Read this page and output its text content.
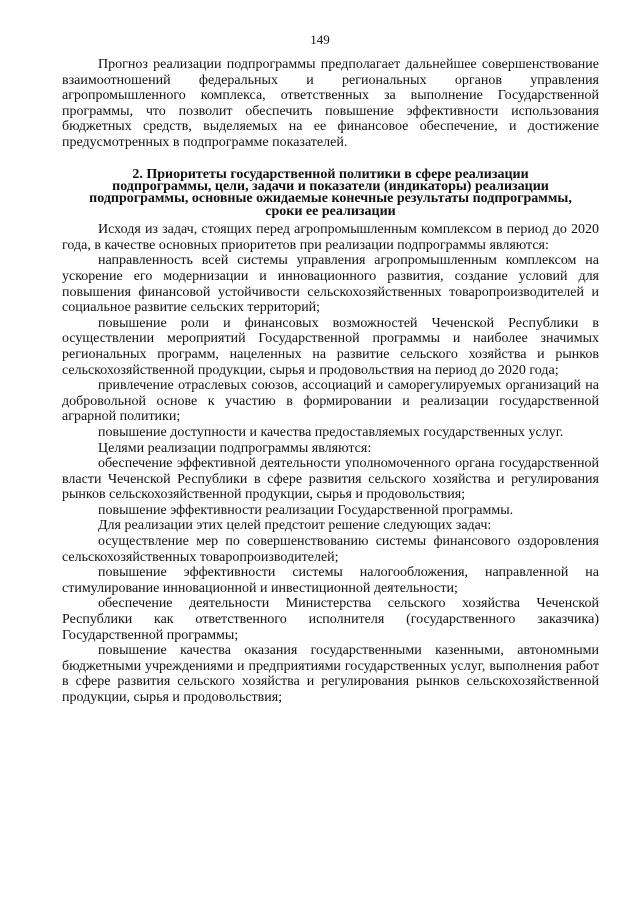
149

Прогноз реализации подпрограммы предполагает дальнейшее совершенствование взаимоотношений федеральных и региональных органов управления агропромышленного комплекса, ответственных за выполнение Государственной программы, что позволит обеспечить повышение эффективности использования бюджетных средств, выделяемых на ее финансовое обеспечение, и достижение предусмотренных в подпрограмме показателей.

2. Приоритеты государственной политики в сфере реализации
подпрограммы, цели, задачи и показатели (индикаторы) реализации
подпрограммы, основные ожидаемые конечные результаты подпрограммы,
сроки ее реализации

Исходя из задач, стоящих перед агропромышленным комплексом в период до 2020 года, в качестве основных приоритетов при реализации подпрограммы являются:

направленность всей системы управления агропромышленным комплексом на ускорение его модернизации и инновационного развития, создание условий для повышения финансовой устойчивости сельскохозяйственных товаропроизводителей и социальное развитие сельских территорий;

повышение роли и финансовых возможностей Чеченской Республики в осуществлении мероприятий Государственной программы и наиболее значимых региональных программ, нацеленных на развитие сельского хозяйства и рынков сельскохозяйственной продукции, сырья и продовольствия на период до 2020 года;

привлечение отраслевых союзов, ассоциаций и саморегулируемых организаций на добровольной основе к участию в формировании и реализации государственной аграрной политики;

повышение доступности и качества предоставляемых государственных услуг.

Целями реализации подпрограммы являются:

обеспечение эффективной деятельности уполномоченного органа государственной власти Чеченской Республики в сфере развития сельского хозяйства и регулирования рынков сельскохозяйственной продукции, сырья и продовольствия;

повышение эффективности реализации Государственной программы.

Для реализации этих целей предстоит решение следующих задач:

осуществление мер по совершенствованию системы финансового оздоровления сельскохозяйственных товаропроизводителей;

повышение эффективности системы налогообложения, направленной на стимулирование инновационной и инвестиционной деятельности;

обеспечение деятельности Министерства сельского хозяйства Чеченской Республики как ответственного исполнителя (государственного заказчика) Государственной программы;

повышение качества оказания государственными казенными, автономными бюджетными учреждениями и предприятиями государственных услуг, выполнения работ в сфере развития сельского хозяйства и регулирования рынков сельскохозяйственной продукции, сырья и продовольствия;
